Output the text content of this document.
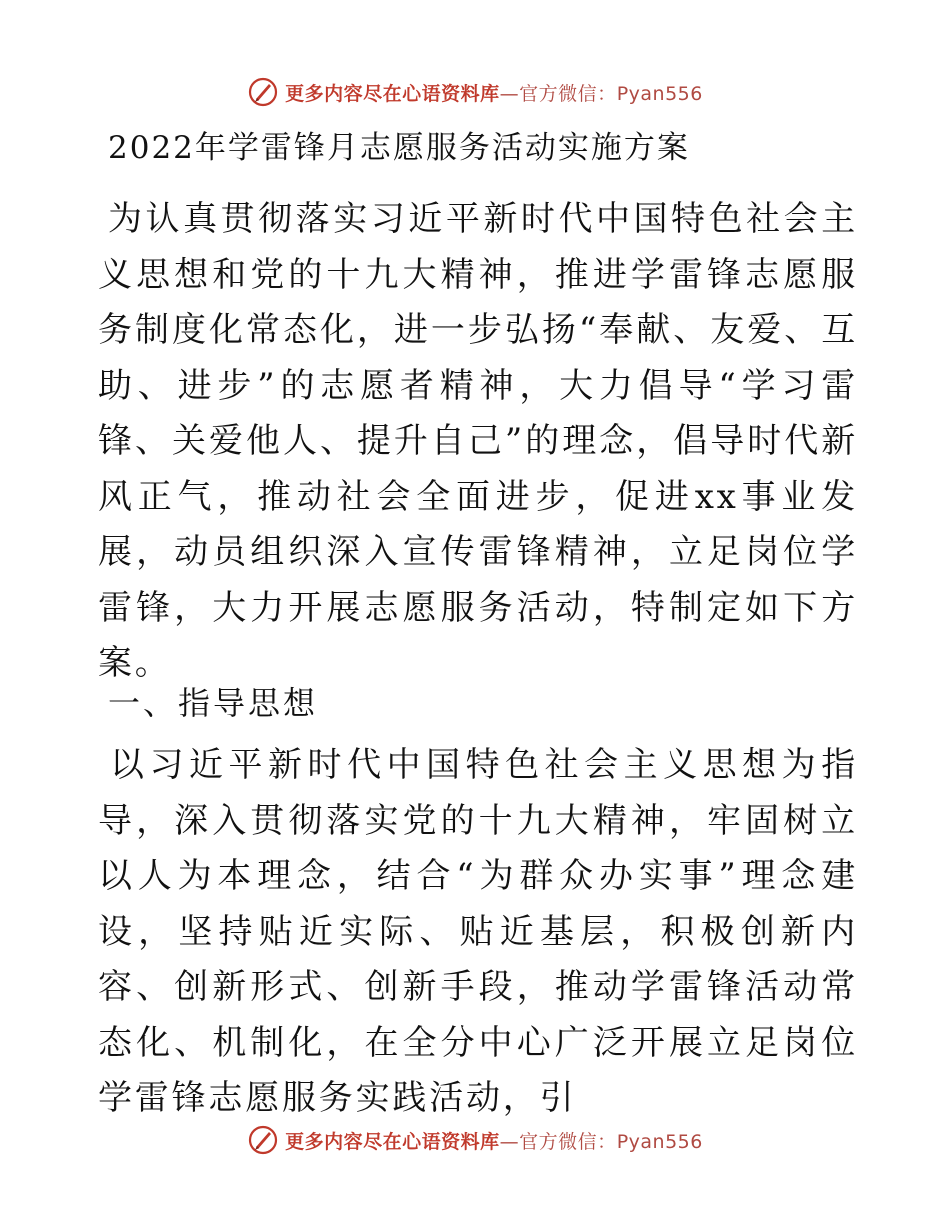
更多内容尽在心语资料库—官方微信：Pyan556
2022年学雷锋月志愿服务活动实施方案

为认真贯彻落实习近平新时代中国特色社会主义思想和党的十九大精神，推进学雷锋志愿服务制度化常态化，进一步弘扬“奉献、友爱、互助、进步”的志愿者精神，大力倡导“学习雷锋、关爱他人、提升自己”的理念，倡导时代新风正气，推动社会全面进步，促进xx事业发展，动员组织深入宣传雷锋精神，立足岗位学雷锋，大力开展志愿服务活动，特制定如下方案。

一、指导思想

以习近平新时代中国特色社会主义思想为指导，深入贯彻落实党的十九大精神，牢固树立以人为本理念，结合“为群众办实事”理念建设，坚持贴近实际、贴近基层，积极创新内容、创新形式、创新手段，推动学雷锋活动常态化、机制化，在全分中心广泛开展立足岗位学雷锋志愿服务实践活动，引

更多内容尽在心语资料库—官方微信：Pyan556
